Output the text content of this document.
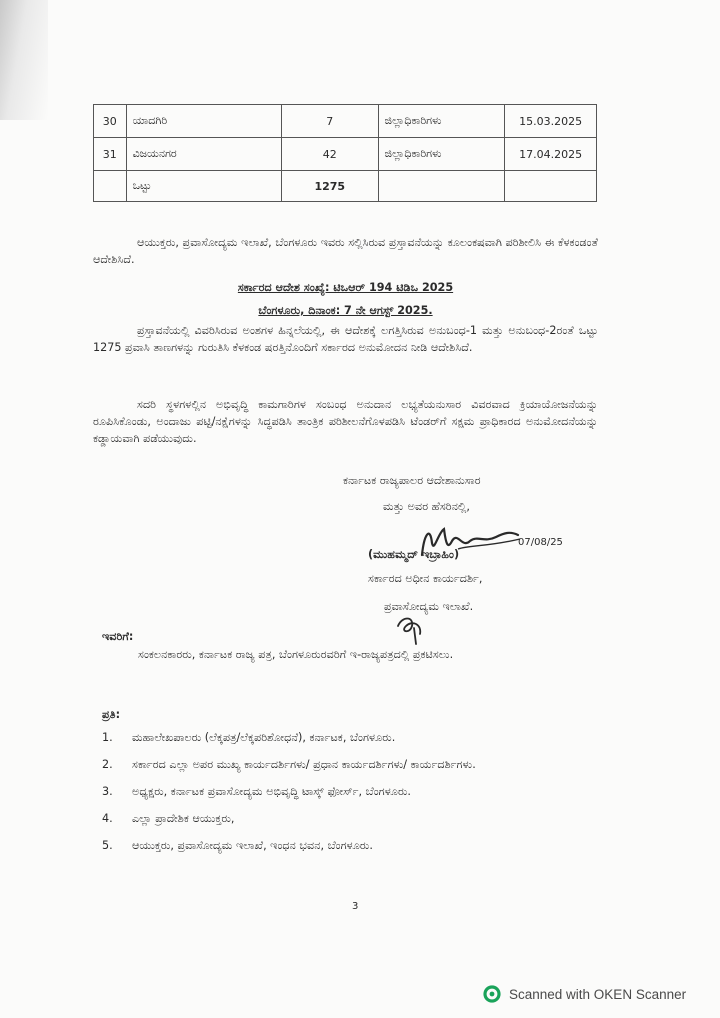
30	ಯಾದಗಿರಿ	7	ಜಿಲ್ಲಾಧಿಕಾರಿಗಳು	15.03.2025
31	ವಿಜಯನಗರ	42	ಜಿಲ್ಲಾಧಿಕಾರಿಗಳು	17.04.2025
	ಒಟ್ಟು	1275		
ಆಯುಕ್ತರು, ಪ್ರವಾಸೋದ್ಯಮ ಇಲಾಖೆ, ಬೆಂಗಳೂರು ಇವರು ಸಲ್ಲಿಸಿರುವ ಪ್ರಸ್ತಾವನೆಯನ್ನು ಕೂಲಂಕಷವಾಗಿ ಪರಿಶೀಲಿಸಿ ಈ ಕೆಳಕಂಡಂತೆ ಆದೇಶಿಸಿದೆ.
ಸರ್ಕಾರದ ಆದೇಶ ಸಂಖ್ಯೆ: ಟಿಒಆರ್ 194 ಟಿಡಿಒ 2025
ಬೆಂಗಳೂರು, ದಿನಾಂಕ: 7 ನೇ ಆಗಸ್ಟ್ 2025.
ಪ್ರಸ್ತಾವನೆಯಲ್ಲಿ ವಿವರಿಸಿರುವ ಅಂಶಗಳ ಹಿನ್ನಲೆಯಲ್ಲಿ, ಈ ಆದೇಶಕ್ಕೆ ಲಗತ್ತಿಸಿರುವ ಅನುಬಂಧ-1 ಮತ್ತು ಅನುಬಂಧ-2ರಂತೆ ಒಟ್ಟು 1275 ಪ್ರವಾಸಿ ತಾಣಗಳನ್ನು ಗುರುತಿಸಿ ಕೆಳಕಂಡ ಷರತ್ತಿನೊಂದಿಗೆ ಸರ್ಕಾರದ ಅನುಮೋದನ ನೀಡಿ ಆದೇಶಿಸಿದೆ.
ಸದರಿ ಸ್ಥಳಗಳಲ್ಲಿನ ಅಭಿವೃದ್ಧಿ ಕಾಮಗಾರಿಗಳ ಸಂಬಂಧ ಅನುದಾನ ಲಭ್ಯತೆಯನುಸಾರ ವಿವರವಾದ ಕ್ರಿಯಾಯೋಜನೆಯನ್ನು ರೂಪಿಸಿಕೊಂಡು, ಅಂದಾಜು ಪಟ್ಟಿ/ನಕ್ಷೆಗಳನ್ನು ಸಿದ್ಧಪಡಿಸಿ ತಾಂತ್ರಿಕ ಪರಿಶೀಲನೆಗೊಳಪಡಿಸಿ ಟೆಂಡರ್‌ಗೆ ಸಕ್ಷಮ ಪ್ರಾಧಿಕಾರದ ಅನುಮೋದನೆಯನ್ನು ಕಡ್ಡಾಯವಾಗಿ ಪಡೆಯುವುದು.
ಕರ್ನಾಟಕ ರಾಜ್ಯಪಾಲರ ಆದೇಶಾನುಸಾರ
ಮತ್ತು ಅವರ ಹೆಸರಿನಲ್ಲಿ,
07/08/25
(ಮುಹಮ್ಮದ್ ಇಬ್ರಾಹಿಂ)
ಸರ್ಕಾರದ ಅಧೀನ ಕಾರ್ಯದರ್ಶಿ,
ಪ್ರವಾಸೋದ್ಯಮ ಇಲಾಖೆ.
ಇವರಿಗೆ:
ಸಂಕಲನಕಾರರು, ಕರ್ನಾಟಕ ರಾಜ್ಯ ಪತ್ರ, ಬೆಂಗಳೂರುರವರಿಗೆ ಇ-ರಾಜ್ಯಪತ್ರದಲ್ಲಿ ಪ್ರಕಟಿಸಲು.
ಪ್ರತಿ:
1.	ಮಹಾಲೇಖಪಾಲರು (ಲೆಕ್ಕಪತ್ರ/ಲೆಕ್ಕಪರಿಶೋಧನೆ), ಕರ್ನಾಟಕ, ಬೆಂಗಳೂರು.
2.	ಸರ್ಕಾರದ ಎಲ್ಲಾ ಅಪರ ಮುಖ್ಯ ಕಾರ್ಯದರ್ಶಿಗಳು/ ಪ್ರಧಾನ ಕಾರ್ಯದರ್ಶಿಗಳು/ ಕಾರ್ಯದರ್ಶಿಗಳು.
3.	ಅಧ್ಯಕ್ಷರು, ಕರ್ನಾಟಕ ಪ್ರವಾಸೋದ್ಯಮ ಅಭಿವೃದ್ಧಿ ಟಾಸ್ಕ್ ಫೋರ್ಸ್, ಬೆಂಗಳೂರು.
4.	ಎಲ್ಲಾ ಪ್ರಾದೇಶಿಕ ಆಯುಕ್ತರು,
5.	ಆಯುಕ್ತರು, ಪ್ರವಾಸೋದ್ಯಮ ಇಲಾಖೆ, ಇಂಧನ ಭವನ, ಬೆಂಗಳೂರು.
3
Scanned with OKEN Scanner
